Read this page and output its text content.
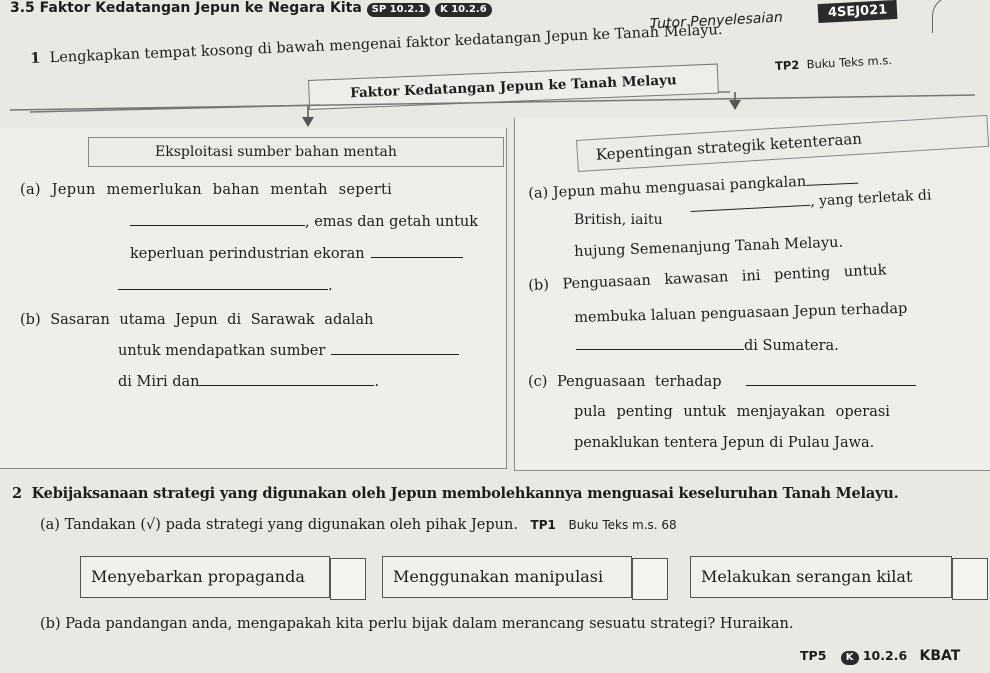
3.5 Faktor Kedatangan Jepun ke Negara Kita SP 10.2.1 K 10.2.6
Tutor Penyelesaian	4SEJ021
1 Lengkapkan tempat kosong di bawah mengenai faktor kedatangan Jepun ke Tanah Melayu.	TP2 Buku Teks m.s.
Faktor Kedatangan Jepun ke Tanah Melayu
Eksploitasi sumber bahan mentah
(a) Jepun memerlukan bahan mentah seperti
, emas dan getah untuk
keperluan perindustrian ekoran
.
(b) Sasaran utama Jepun di Sarawak adalah
untuk mendapatkan sumber
di Miri dan	.
Kepentingan strategik ketenteraan
(a) Jepun mahu menguasai pangkalan
British, iaitu
, yang terletak di
hujung Semenanjung Tanah Melayu.
(b) Penguasaan kawasan ini penting untuk
membuka laluan penguasaan Jepun terhadap
di Sumatera.
(c) Penguasaan terhadap
pula penting untuk menjayakan operasi
penaklukan tentera Jepun di Pulau Jawa.
2 Kebijaksanaan strategi yang digunakan oleh Jepun membolehkannya menguasai keseluruhan Tanah Melayu.
(a) Tandakan (√) pada strategi yang digunakan oleh pihak Jepun. TP1 Buku Teks m.s. 68
Menyebarkan propaganda	Menggunakan manipulasi	Melakukan serangan kilat
(b) Pada pandangan anda, mengapakah kita perlu bijak dalam merancang sesuatu strategi? Huraikan.
TP5 K 10.2.6 KBAT
